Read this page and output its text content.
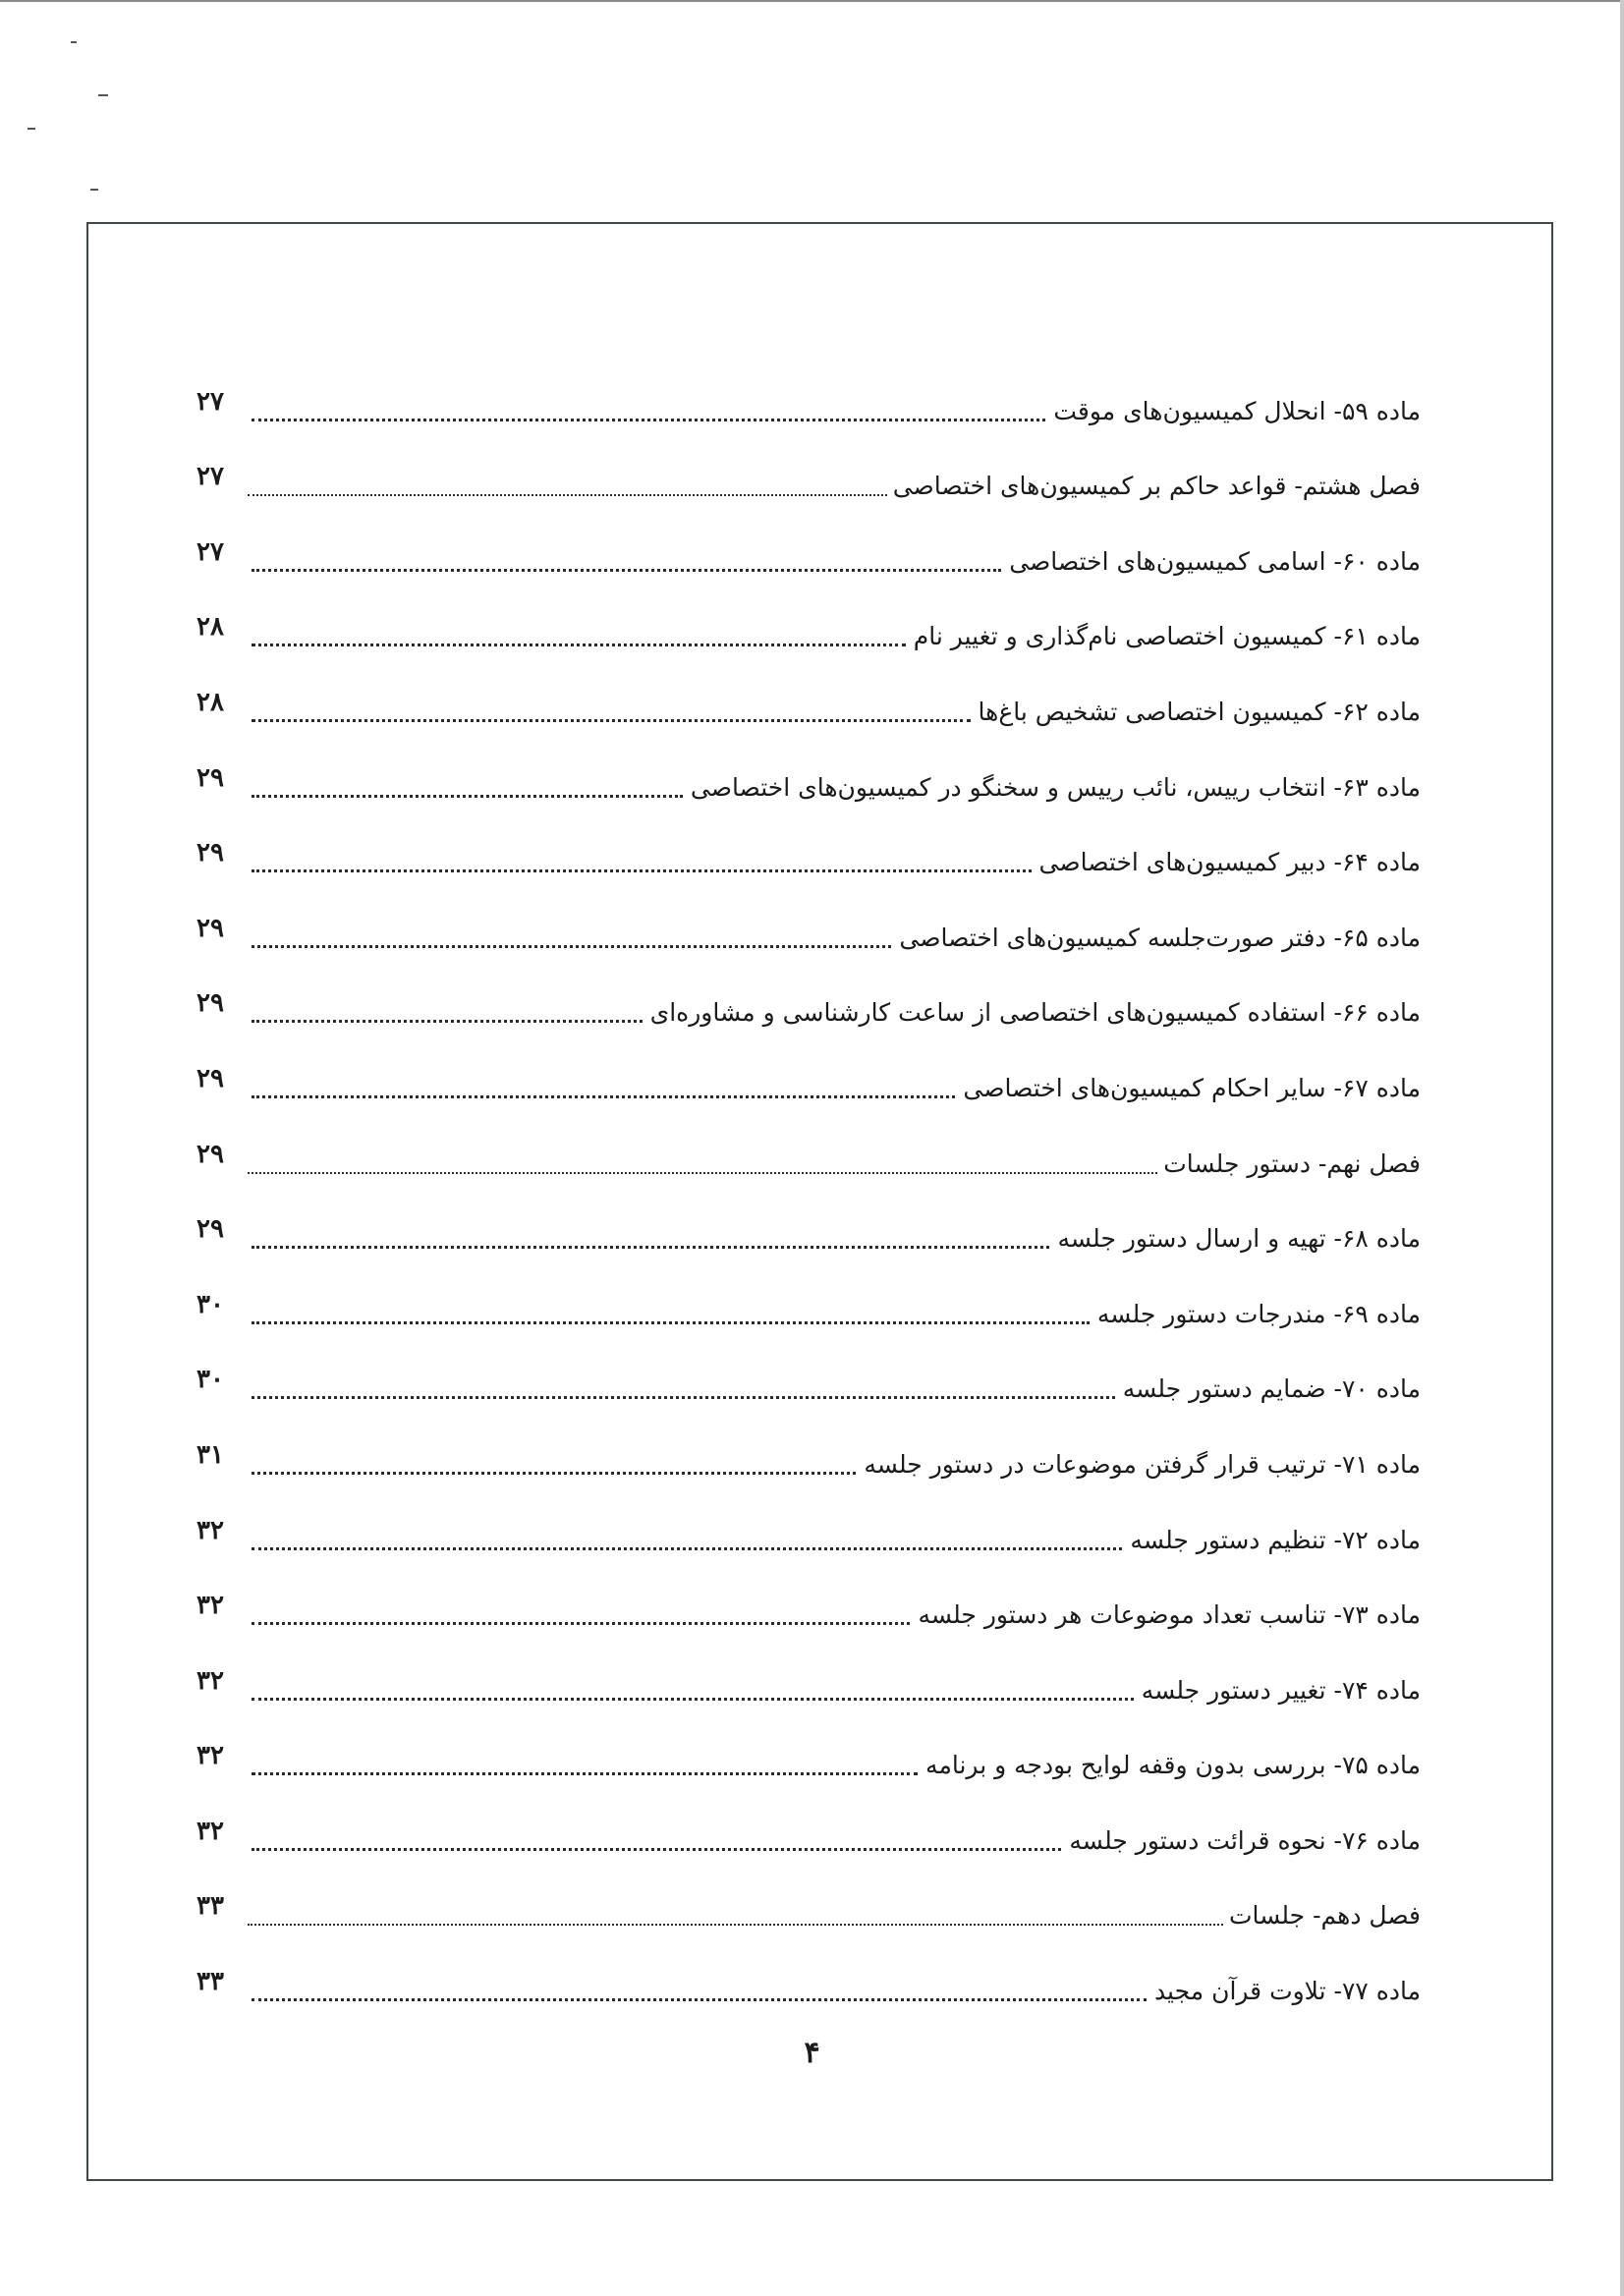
ماده ۵۹- انحلال کمیسیون‌های موقت
۲۷
فصل هشتم- قواعد حاکم بر کمیسیون‌های اختصاصی
۲۷
ماده ۶۰- اسامی کمیسیون‌های اختصاصی
۲۷
ماده ۶۱- کمیسیون اختصاصی نام‌گذاری و تغییر نام
۲۸
ماده ۶۲- کمیسیون اختصاصی تشخیص باغ‌ها
۲۸
ماده ۶۳- انتخاب رییس، نائب رییس و سخنگو در کمیسیون‌های اختصاصی
۲۹
ماده ۶۴- دبیر کمیسیون‌های اختصاصی
۲۹
ماده ۶۵- دفتر صورت‌جلسه کمیسیون‌های اختصاصی
۲۹
ماده ۶۶- استفاده کمیسیون‌های اختصاصی از ساعت کارشناسی و مشاوره‌ای
۲۹
ماده ۶۷- سایر احکام کمیسیون‌های اختصاصی
۲۹
فصل نهم- دستور جلسات
۲۹
ماده ۶۸- تهیه و ارسال دستور جلسه
۲۹
ماده ۶۹- مندرجات دستور جلسه
۳۰
ماده ۷۰- ضمایم دستور جلسه
۳۰
ماده ۷۱- ترتیب قرار گرفتن موضوعات در دستور جلسه
۳۱
ماده ۷۲- تنظیم دستور جلسه
۳۲
ماده ۷۳- تناسب تعداد موضوعات هر دستور جلسه
۳۲
ماده ۷۴- تغییر دستور جلسه
۳۲
ماده ۷۵- بررسی بدون وقفه لوایح بودجه و برنامه
۳۲
ماده ۷۶- نحوه قرائت دستور جلسه
۳۲
فصل دهم- جلسات
۳۳
ماده ۷۷- تلاوت قرآن مجید
۳۳
۴
